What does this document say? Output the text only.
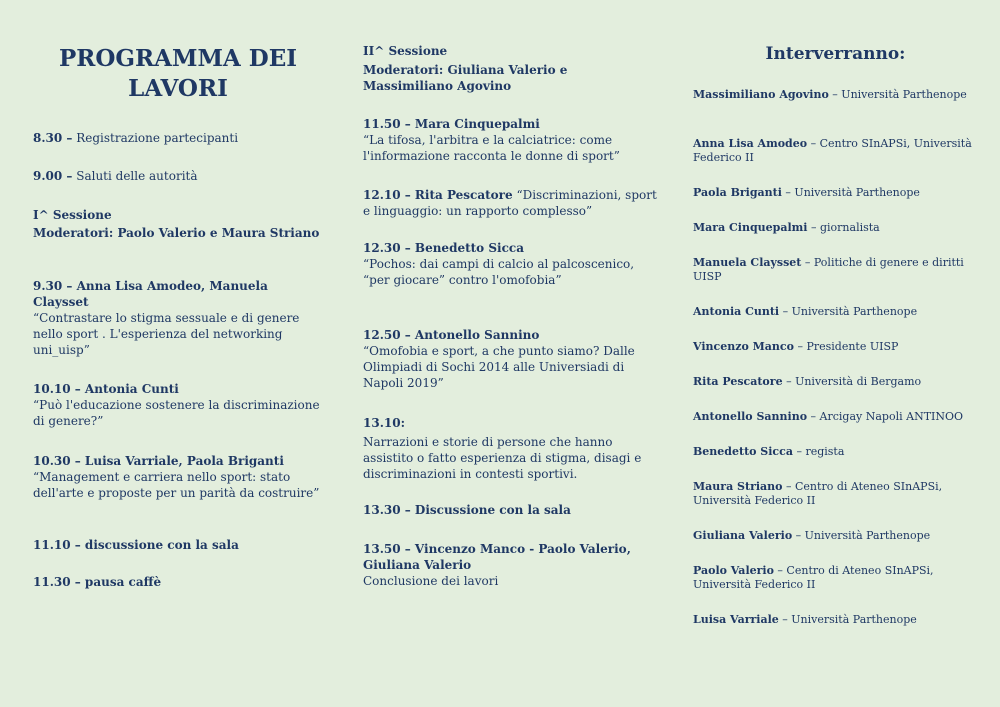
PROGRAMMA DEI
LAVORI
8.30 – Registrazione partecipanti
9.00 – Saluti delle autorità
I^ Sessione
Moderatori: Paolo Valerio e Maura Striano
9.30 – Anna Lisa Amodeo, Manuela Claysset
“Contrastare lo stigma sessuale e di genere nello sport . L'esperienza del networking uni_uisp”
10.10 – Antonia Cunti
“Può l'educazione sostenere la discriminazione di genere?”
10.30 – Luisa Varriale, Paola Briganti
“Management e carriera nello sport: stato dell'arte e proposte per un parità da costruire”
11.10 – discussione con la sala
11.30 – pausa caffè
II^ Sessione
Moderatori: Giuliana Valerio e Massimiliano Agovino
11.50 – Mara Cinquepalmi
“La tifosa, l'arbitra e la calciatrice: come l'informazione racconta le donne di sport”
12.10 – Rita Pescatore “Discriminazioni, sport e linguaggio: un rapporto complesso”
12.30 – Benedetto Sicca
“Pochos: dai campi di calcio al palcoscenico, “per giocare” contro l'omofobia”
12.50 – Antonello Sannino
“Omofobia e sport, a che punto siamo? Dalle Olimpiadi di Sochi 2014 alle Universiadi di Napoli 2019”
13.10:
Narrazioni e storie di persone che hanno assistito o fatto esperienza di stigma, disagi e discriminazioni in contesti sportivi.
13.30 – Discussione con la sala
13.50 – Vincenzo Manco - Paolo Valerio, Giuliana Valerio
Conclusione dei lavori
Interverranno:
Massimiliano Agovino – Università Parthenope
Anna Lisa Amodeo – Centro SInAPSi, Università Federico II
Paola Briganti – Università Parthenope
Mara Cinquepalmi – giornalista
Manuela Claysset – Politiche di genere e diritti UISP
Antonia Cunti – Università Parthenope
Vincenzo Manco – Presidente UISP
Rita Pescatore – Università di Bergamo
Antonello Sannino – Arcigay Napoli ANTINOO
Benedetto Sicca – regista
Maura Striano – Centro di Ateneo SInAPSi, Università Federico II
Giuliana Valerio – Università Parthenope
Paolo Valerio – Centro di Ateneo SInAPSi, Università Federico II
Luisa Varriale – Università Parthenope
